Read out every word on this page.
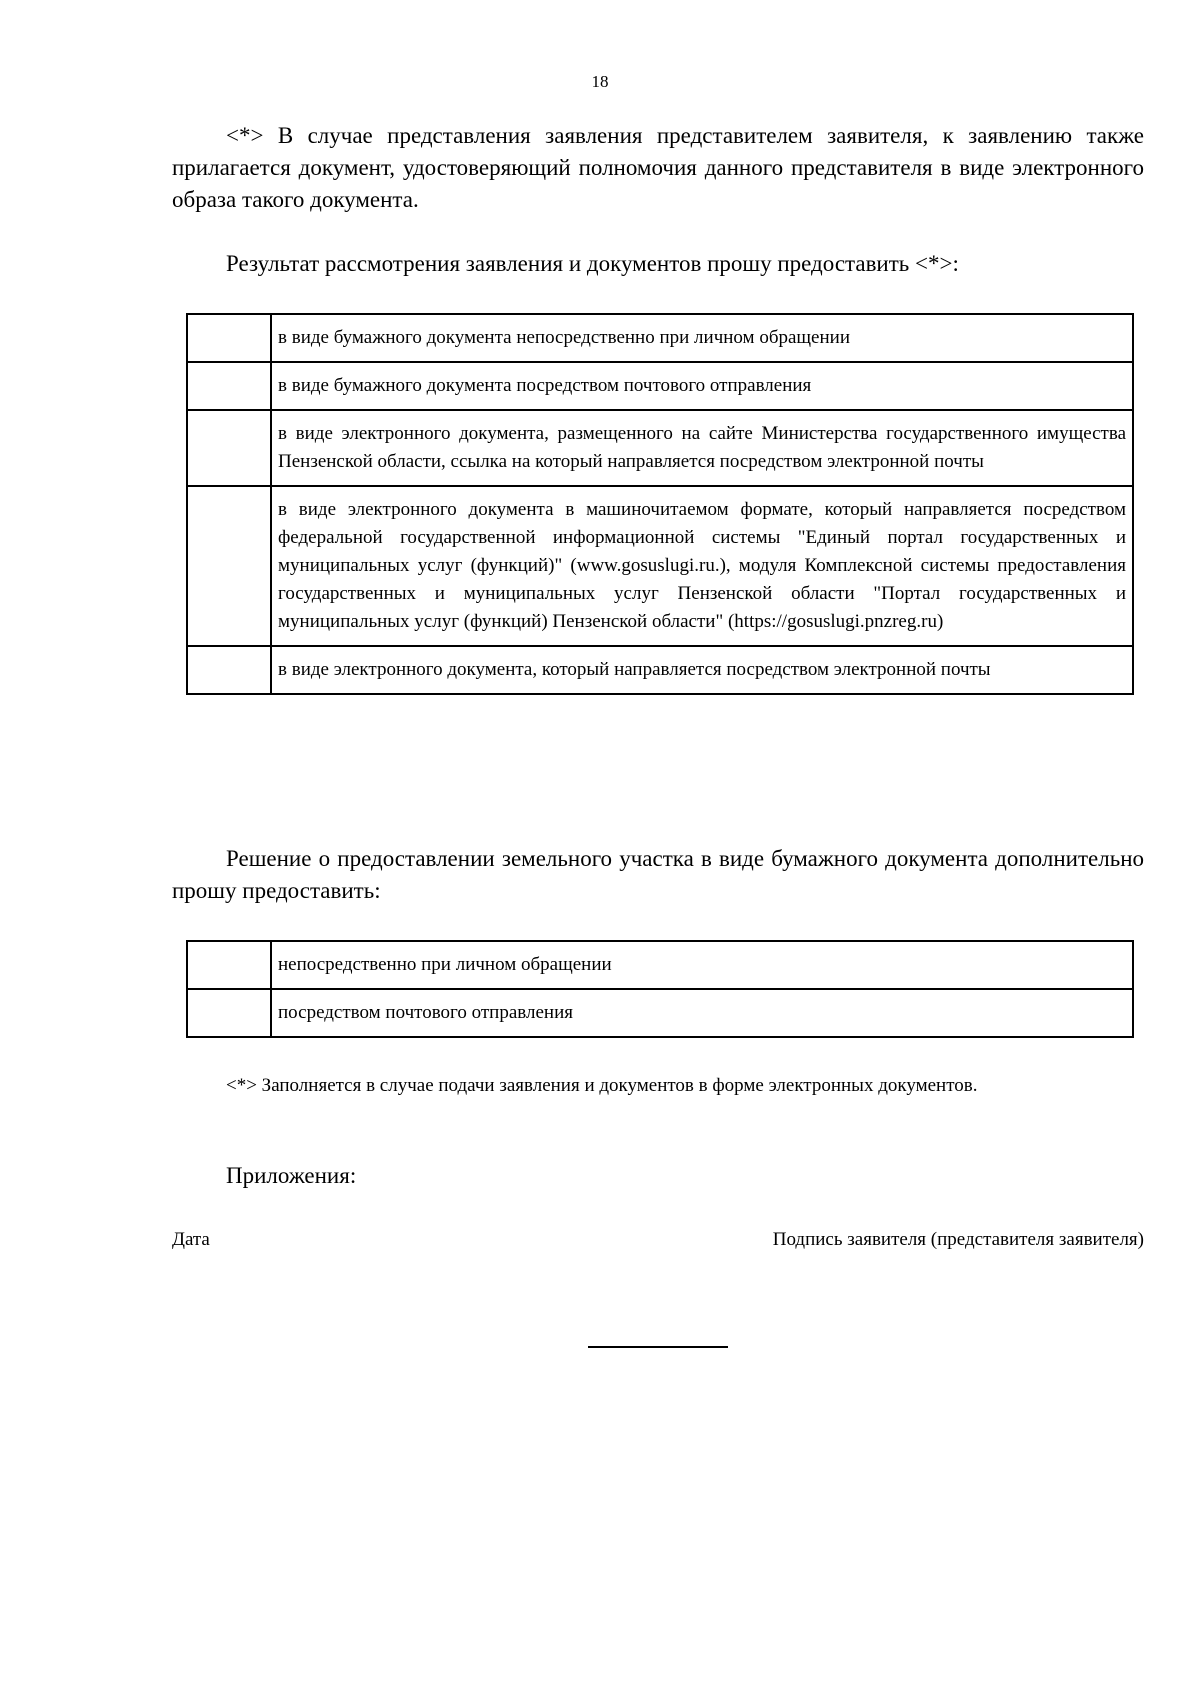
18

<*> В случае представления заявления представителем заявителя, к заявлению также прилагается документ, удостоверяющий полномочия данного представителя в виде электронного образа такого документа.

Результат рассмотрения заявления и документов прошу предоставить <*>:

	в виде бумажного документа непосредственно при личном обращении
	в виде бумажного документа посредством почтового отправления
	в виде электронного документа, размещенного на сайте Министерства государственного имущества Пензенской области, ссылка на который направляется посредством электронной почты
	в виде электронного документа в машиночитаемом формате, который направляется посредством федеральной государственной информационной системы "Единый портал государственных и муниципальных услуг (функций)" (www.gosuslugi.ru.), модуля Комплексной системы предоставления государственных и муниципальных услуг Пензенской области "Портал государственных и муниципальных услуг (функций) Пензенской области" (https://gosuslugi.pnzreg.ru)
	в виде электронного документа, который направляется посредством электронной почты

Решение о предоставлении земельного участка в виде бумажного документа дополнительно прошу предоставить:

	непосредственно при личном обращении
	посредством почтового отправления

<*> Заполняется в случае подачи заявления и документов в форме электронных документов.

Приложения:

Дата	Подпись заявителя (представителя заявителя)
